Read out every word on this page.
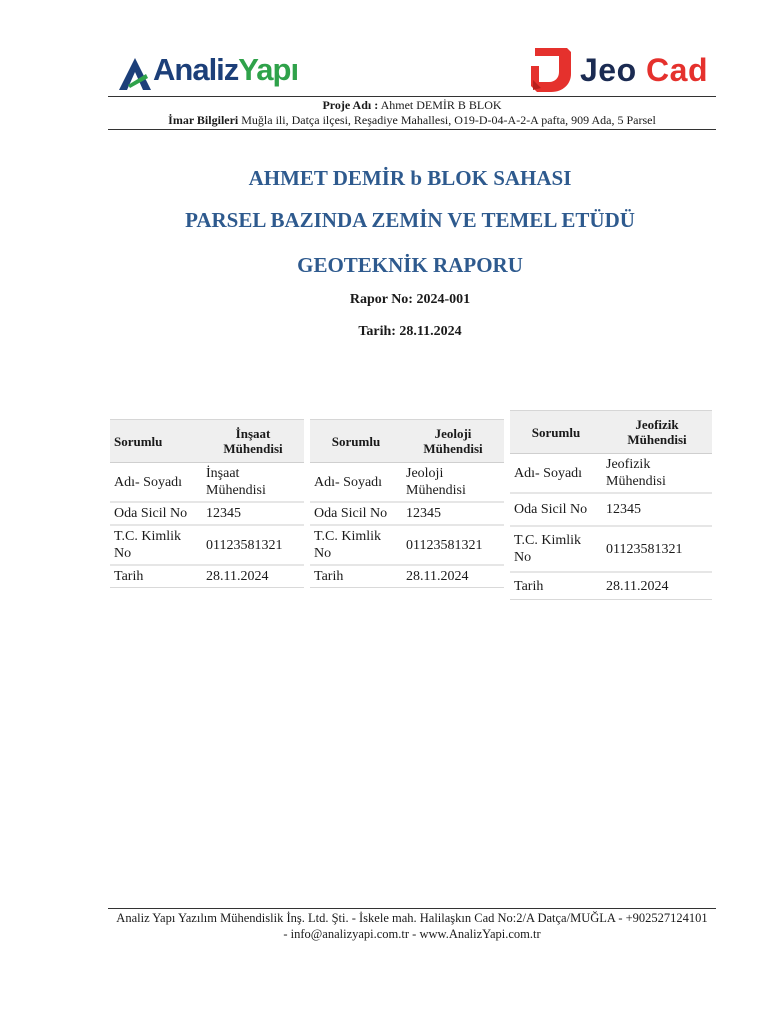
AnalizYapı	Jeo Cad
Proje Adı : Ahmet DEMİR B BLOK
İmar Bilgileri Muğla ili, Datça ilçesi, Reşadiye Mahallesi, O19-D-04-A-2-A pafta, 909 Ada, 5 Parsel
AHMET DEMİR b BLOK SAHASI
PARSEL BAZINDA ZEMİN VE TEMEL ETÜDÜ
GEOTEKNİK RAPORU
Rapor No: 2024-001
Tarih: 28.11.2024
Sorumlu	İnşaat Mühendisi
Adı- Soyadı	İnşaat Mühendisi
Oda Sicil No	12345
T.C. Kimlik No	01123581321
Tarih	28.11.2024
Sorumlu	Jeoloji Mühendisi
Adı- Soyadı	Jeoloji Mühendisi
Oda Sicil No	12345
T.C. Kimlik No	01123581321
Tarih	28.11.2024
Sorumlu	Jeofizik Mühendisi
Adı- Soyadı	Jeofizik Mühendisi
Oda Sicil No	12345
T.C. Kimlik No	01123581321
Tarih	28.11.2024
Analiz Yapı Yazılım Mühendislik İnş. Ltd. Şti. - İskele mah. Halilaşkın Cad No:2/A Datça/MUĞLA - +902527124101
- info@analizyapi.com.tr - www.AnalizYapi.com.tr
